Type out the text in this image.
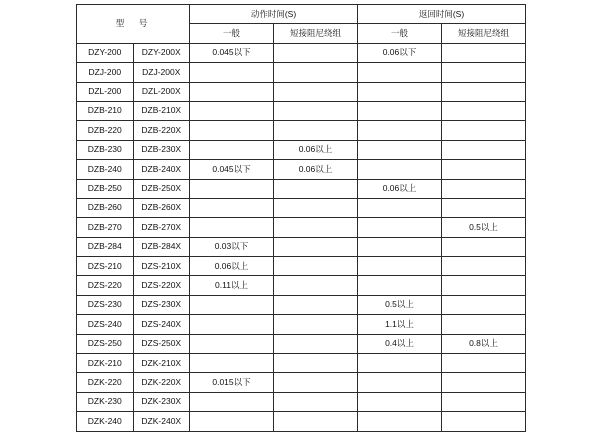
型　号		动作时间(S)		返回时间(S)	
		一般	短接阻尼绕组	一般	短接阻尼绕组
DZY-200	DZY-200X	0.045以下		0.06以下	
DZJ-200	DZJ-200X				
DZL-200	DZL-200X				
DZB-210	DZB-210X				
DZB-220	DZB-220X				
DZB-230	DZB-230X		0.06以上		
DZB-240	DZB-240X	0.045以下	0.06以上		
DZB-250	DZB-250X			0.06以上	
DZB-260	DZB-260X				
DZB-270	DZB-270X				0.5以上
DZB-284	DZB-284X	0.03以下			
DZS-210	DZS-210X	0.06以上			
DZS-220	DZS-220X	0.11以上			
DZS-230	DZS-230X			0.5以上	
DZS-240	DZS-240X			1.1以上	
DZS-250	DZS-250X			0.4以上	0.8以上
DZK-210	DZK-210X				
DZK-220	DZK-220X	0.015以下			
DZK-230	DZK-230X				
DZK-240	DZK-240X				
